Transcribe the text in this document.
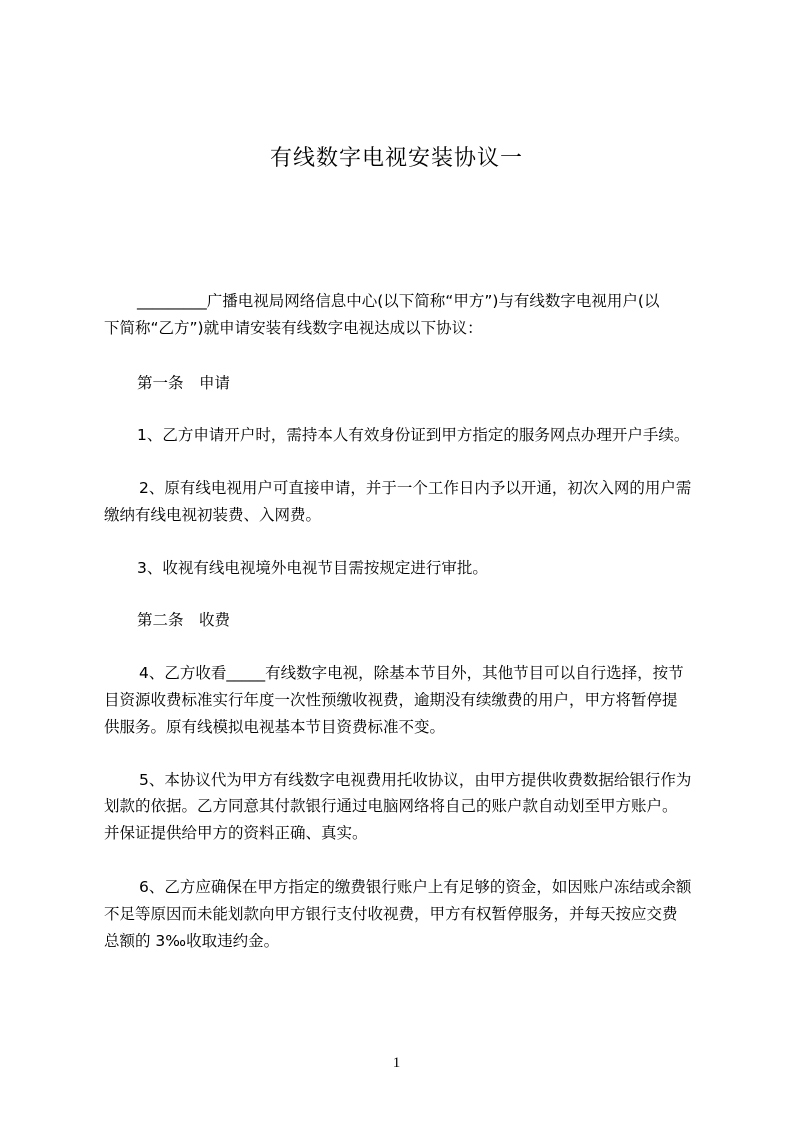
有线数字电视安装协议一
_________广播电视局网络信息中心(以下简称“甲方”)与有线数字电视用户(以
下简称“乙方”)就申请安装有线数字电视达成以下协议：
第一条　申请
1、乙方申请开户时，需持本人有效身份证到甲方指定的服务网点办理开户手续。
2、原有线电视用户可直接申请，并于一个工作日内予以开通，初次入网的用户需
缴纳有线电视初装费、入网费。
3、收视有线电视境外电视节目需按规定进行审批。
第二条　收费
4、乙方收看_____有线数字电视，除基本节目外，其他节目可以自行选择，按节
目资源收费标准实行年度一次性预缴收视费，逾期没有续缴费的用户，甲方将暂停提
供服务。原有线模拟电视基本节目资费标准不变。
5、本协议代为甲方有线数字电视费用托收协议，由甲方提供收费数据给银行作为
划款的依据。乙方同意其付款银行通过电脑网络将自己的账户款自动划至甲方账户。
并保证提供给甲方的资料正确、真实。
6、乙方应确保在甲方指定的缴费银行账户上有足够的资金，如因账户冻结或余额
不足等原因而未能划款向甲方银行支付收视费，甲方有权暂停服务，并每天按应交费
总额的 3‰收取违约金。
1
